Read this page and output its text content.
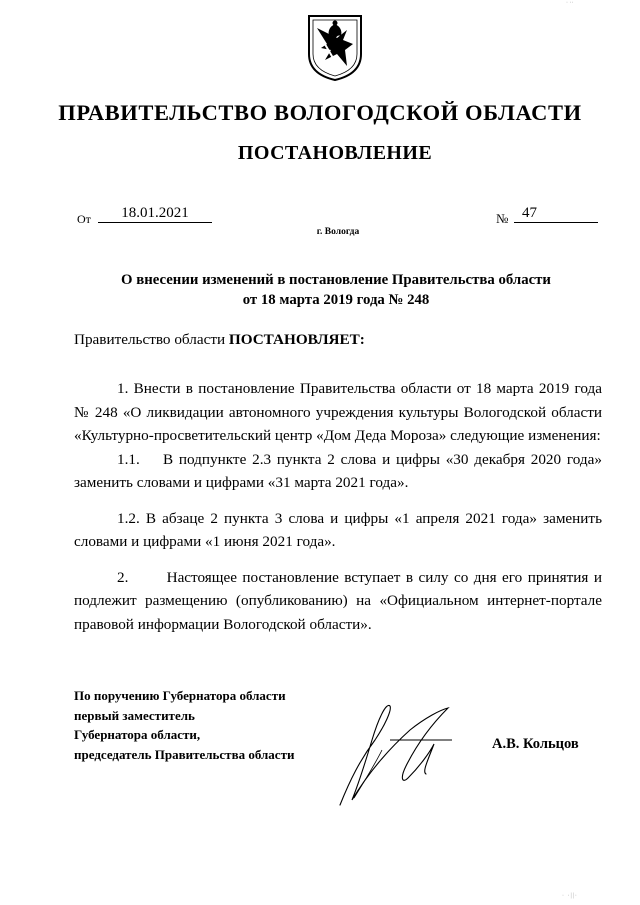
ПРАВИТЕЛЬСТВО ВОЛОГОДСКОЙ ОБЛАСТИ
ПОСТАНОВЛЕНИЕ
От	18.01.2021	№ 47
г. Вологда
О внесении изменений в постановление Правительства области
от 18 марта 2019 года № 248
Правительство области ПОСТАНОВЛЯЕТ:

1. Внести в постановление Правительства области от 18 марта 2019 года № 248 «О ликвидации автономного учреждения культуры Вологодской области «Культурно-просветительский центр «Дом Деда Мороза» следующие изменения:

1.1.    В подпункте 2.3 пункта 2 слова и цифры «30 декабря 2020 года» заменить словами и цифрами «31 марта 2021 года».

1.2. В абзаце 2 пункта 3 слова и цифры «1 апреля 2021 года» заменить словами и цифрами «1 июня 2021 года».

2.       Настоящее постановление вступает в силу со дня его принятия и подлежит размещению (опубликованию) на «Официальном интернет-портале правовой информации Вологодской области».

По поручению Губернатора области
первый заместитель
Губернатора области,
председатель Правительства области
А.В. Кольцов
· ··
· ·||·
